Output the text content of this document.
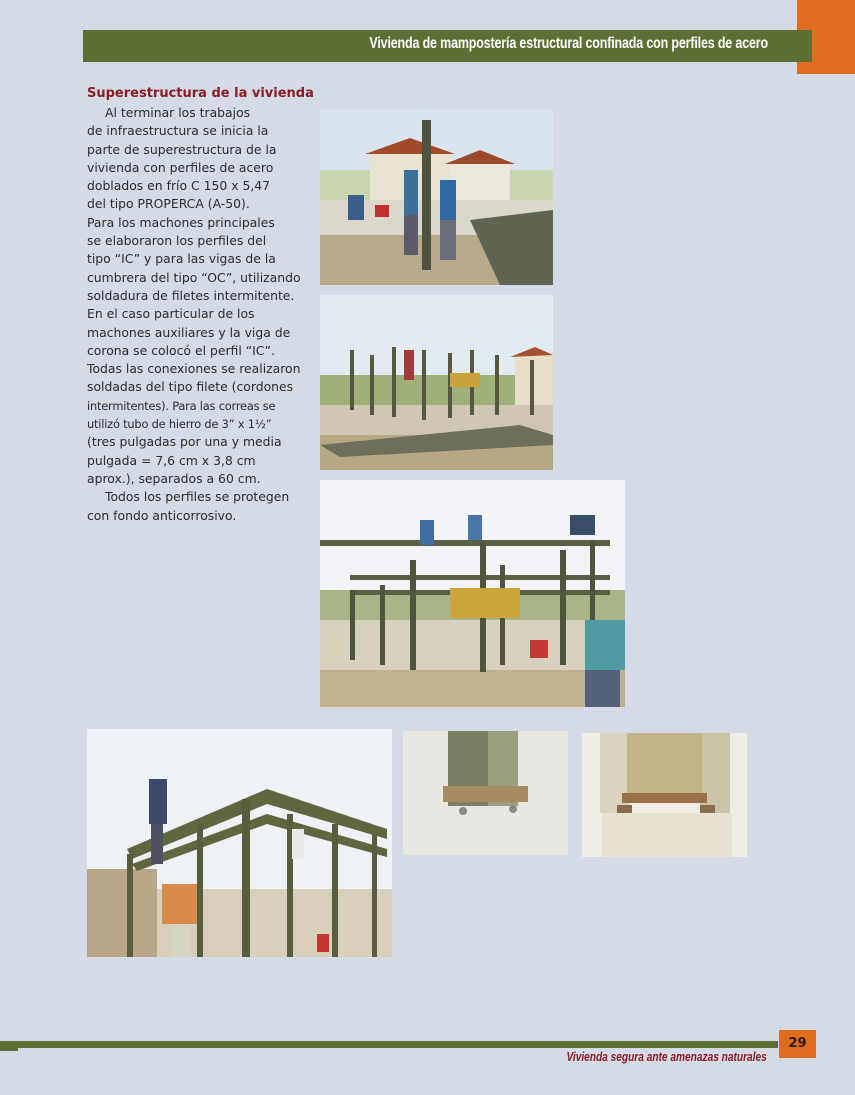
Vivienda de mampostería estructural confinada con perfiles de acero
Superestructura de la vivienda
Al terminar los trabajos
de infraestructura se inicia la
parte de superestructura de la
vivienda con perfiles de acero
doblados en frío C 150 x 5,47
del tipo PROPERCA (A-50).
Para los machones principales
se elaboraron los perfiles del
tipo “IC” y para las vigas de la
cumbrera del tipo “OC”, utilizando
soldadura de filetes intermitente.
En el caso particular de los
machones auxiliares y la viga de
corona se colocó el perfil “IC”.
Todas las conexiones se realizaron
soldadas del tipo filete (cordones
intermitentes). Para las correas se
utilizó tubo de hierro de 3” x 1½”
(tres pulgadas por una y media
pulgada = 7,6 cm x 3,8 cm
aprox.), separados a 60 cm.
Todos los perfiles se protegen
con fondo anticorrosivo.
29
Vivienda segura ante amenazas naturales
